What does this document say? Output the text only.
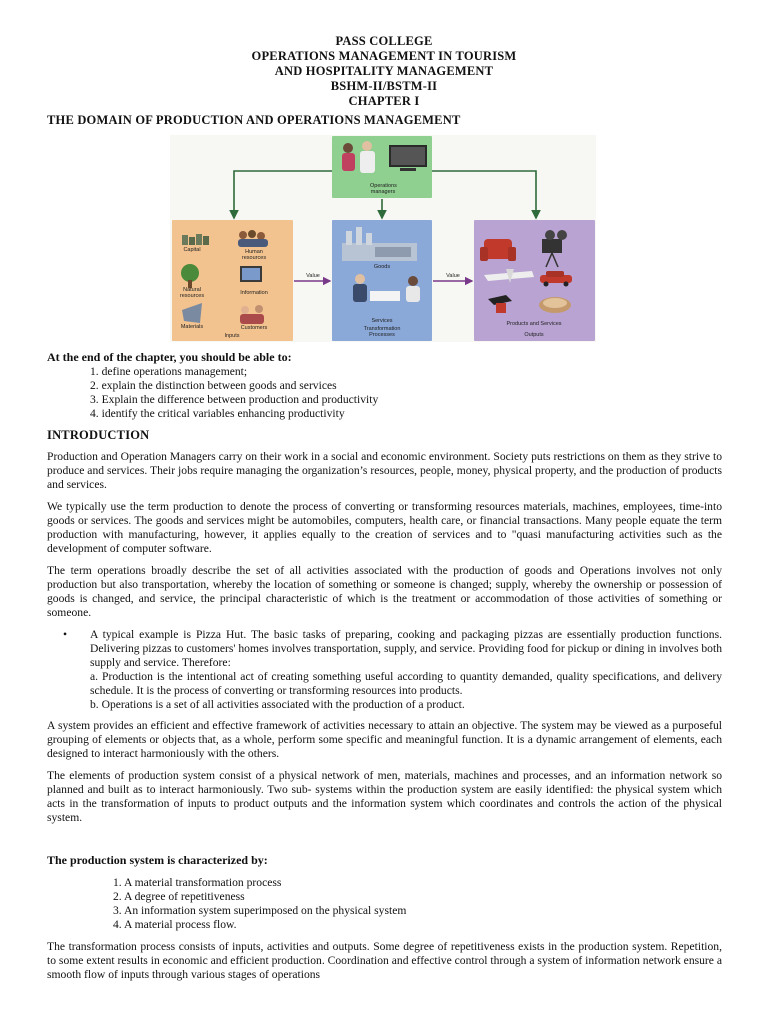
PASS COLLEGE
OPERATIONS MANAGEMENT IN TOURISM
AND HOSPITALITY MANAGEMENT
BSHM-II/BSTM-II
CHAPTER I
THE DOMAIN OF PRODUCTION AND OPERATIONS MANAGEMENT
Operations managers
Capital	Human resources
Natural resources	Information
Materials	Customers
Inputs
Value	Value
Goods
Services
Transformation Processes
Products and Services
Outputs
At the end of the chapter, you should be able to:
1. define operations management;
2. explain the distinction between goods and services
3. Explain the difference between production and productivity
4. identify the critical variables enhancing productivity
INTRODUCTION
Production and Operation Managers carry on their work in a social and economic environment. Society puts restrictions on them as they strive to produce and services. Their jobs require managing the organization’s resources, people, money, physical property, and the production of products and services.
We typically use the term production to denote the process of converting or transforming resources materials, machines, employees, time-into goods or services. The goods and services might be automobiles, computers, health care, or financial transactions. Many people equate the term production with manufacturing, however, it applies equally to the creation of services and to "quasi manufacturing activities such as the development of computer software.
The term operations broadly describe the set of all activities associated with the production of goods and Operations involves not only production but also transportation, whereby the location of something or someone is changed; supply, whereby the ownership or possession of goods is changed, and service, the principal characteristic of which is the treatment or accommodation of those activities of something or someone.
• A typical example is Pizza Hut. The basic tasks of preparing, cooking and packaging pizzas are essentially production functions. Delivering pizzas to customers' homes involves transportation, supply, and service. Providing food for pickup or dining in involves both supply and service. Therefore:
a. Production is the intentional act of creating something useful according to quantity demanded, quality specifications, and delivery schedule. It is the process of converting or transforming resources into products.
b. Operations is a set of all activities associated with the production of a product.
A system provides an efficient and effective framework of activities necessary to attain an objective. The system may be viewed as a purposeful grouping of elements or objects that, as a whole, perform some specific and meaningful function. It is a dynamic arrangement of elements, each designed to interact harmoniously with the others.
The elements of production system consist of a physical network of men, materials, machines and processes, and an information network so planned and built as to interact harmoniously. Two sub- systems within the production system are easily identified: the physical system which acts in the transformation of inputs to product outputs and the information system which coordinates and controls the action of the physical system.
The production system is characterized by:
1. A material transformation process
2. A degree of repetitiveness
3. An information system superimposed on the physical system
4. A material process flow.
The transformation process consists of inputs, activities and outputs. Some degree of repetitiveness exists in the production system. Repetition, to some extent results in economic and efficient production. Coordination and effective control through a system of information network ensure a smooth flow of inputs through various stages of operations
